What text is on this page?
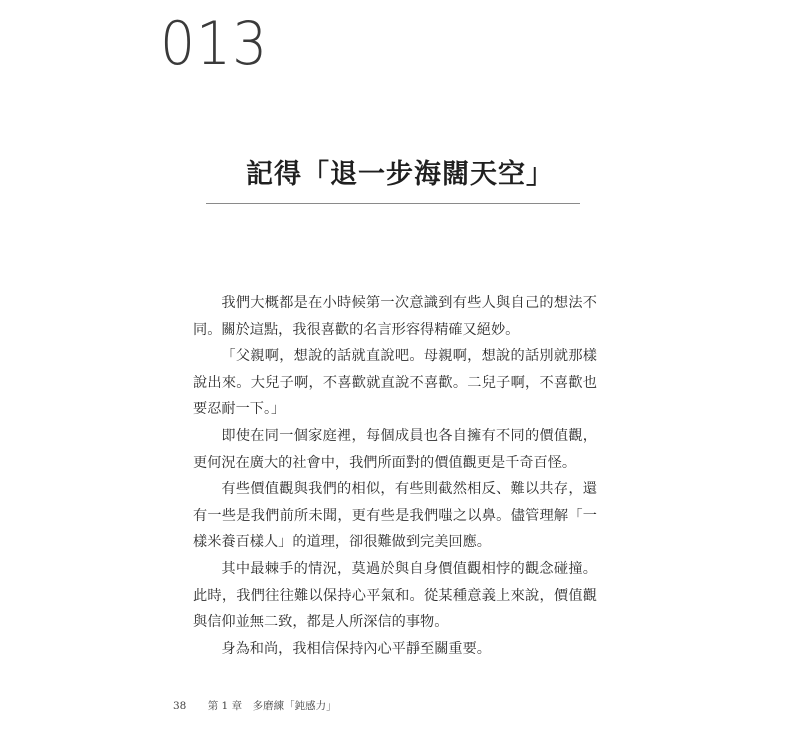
013
記得「退一步海闊天空」

我們大概都是在小時候第一次意識到有些人與自己的想法不同。關於這點，我很喜歡的名言形容得精確又絕妙。

「父親啊，想說的話就直說吧。母親啊，想說的話別就那樣說出來。大兒子啊，不喜歡就直說不喜歡。二兒子啊，不喜歡也要忍耐一下。」

即使在同一個家庭裡，每個成員也各自擁有不同的價值觀，更何況在廣大的社會中，我們所面對的價值觀更是千奇百怪。

有些價值觀與我們的相似，有些則截然相反、難以共存，還有一些是我們前所未聞，更有些是我們嗤之以鼻。儘管理解「一樣米養百樣人」的道理，卻很難做到完美回應。

其中最棘手的情況，莫過於與自身價值觀相悖的觀念碰撞。此時，我們往往難以保持心平氣和。從某種意義上來說，價值觀與信仰並無二致，都是人所深信的事物。

身為和尚，我相信保持內心平靜至關重要。

38 第 1 章　多磨練「鈍感力」
